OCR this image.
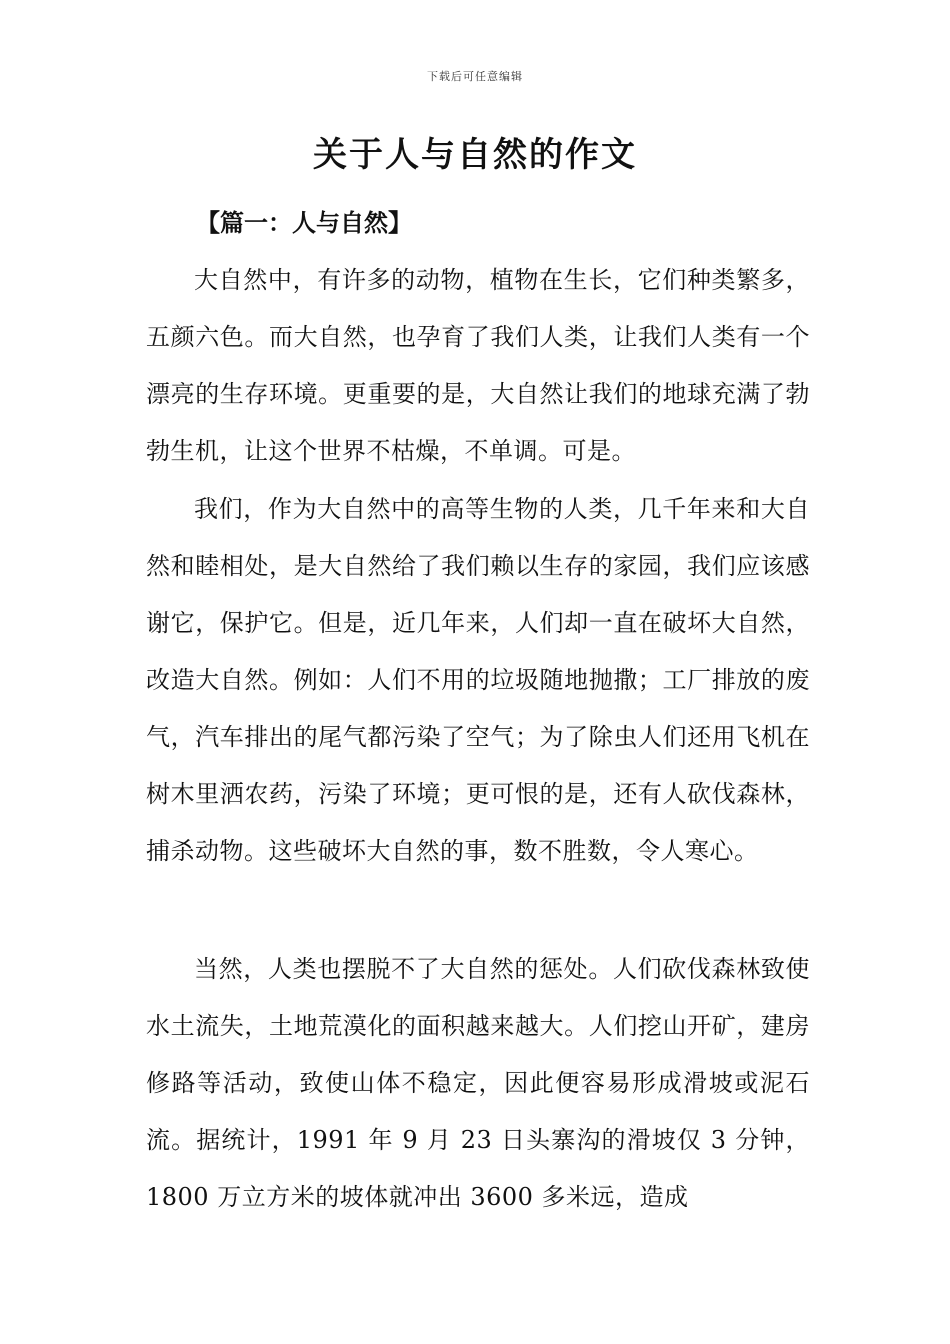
下载后可任意编辑
关于人与自然的作文
【篇一：人与自然】

大自然中，有许多的动物，植物在生长，它们种类繁多，五颜六色。而大自然，也孕育了我们人类，让我们人类有一个漂亮的生存环境。更重要的是，大自然让我们的地球充满了勃勃生机，让这个世界不枯燥，不单调。可是。

我们，作为大自然中的高等生物的人类，几千年来和大自然和睦相处，是大自然给了我们赖以生存的家园，我们应该感谢它，保护它。但是，近几年来，人们却一直在破坏大自然，改造大自然。例如：人们不用的垃圾随地抛撒；工厂排放的废气，汽车排出的尾气都污染了空气；为了除虫人们还用飞机在树木里洒农药，污染了环境；更可恨的是，还有人砍伐森林，捕杀动物。这些破坏大自然的事，数不胜数，令人寒心。

当然，人类也摆脱不了大自然的惩处。人们砍伐森林致使水土流失，土地荒漠化的面积越来越大。人们挖山开矿，建房修路等活动，致使山体不稳定，因此便容易形成滑坡或泥石流。据统计，1991 年 9 月 23 日头寨沟的滑坡仅 3 分钟，1800 万立方米的坡体就冲出 3600 多米远，造成
